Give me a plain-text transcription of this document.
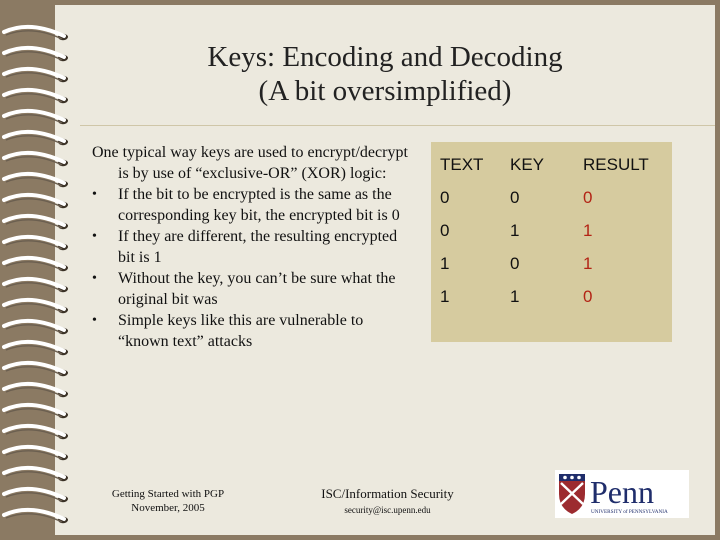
Keys: Encoding and Decoding
(A bit oversimplified)

One typical way keys are used to encrypt/decrypt is by use of “exclusive-OR” (XOR) logic:

• If the bit to be encrypted is the same as the corresponding key bit, the encrypted bit is 0
• If they are different, the resulting encrypted bit is 1
• Without the key, you can’t be sure what the original bit was
• Simple keys like this are vulnerable to “known text” attacks
TEXT KEY RESULT
0	0	0
0	1	1
1	0	1
1	1	0
Getting Started with PGP
November, 2005
ISC/Information Security
security@isc.upenn.edu	Penn
UNIVERSITY of PENNSYLVANIA
